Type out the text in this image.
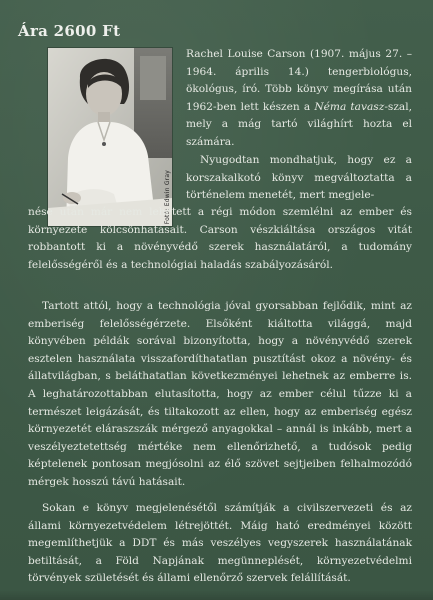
Ára 2600 Ft
Fotó: Edwin Gray

Rachel Louise Carson (1907. május 27. – 1964. április 14.) tengerbiológus, ökológus, író. Több könyv megírása után 1962-ben lett készen a Néma tavasz-szal, mely a mág tartó világhírt hozta el számára.

Nyugodtan mondhatjuk, hogy ez a korszakalkotó könyv megváltoztatta a történelem menetét, mert megjele-

nése után már nem lehetett a régi módon szemlélni az ember és környezete kölcsönhatásait. Carson vészkiáltása országos vitát robbantott ki a növényvédő szerek használatáról, a tudomány felelősségéről és a technológiai haladás szabályozásáról.

Tartott attól, hogy a technológia jóval gyorsabban fejlődik, mint az emberiség felelősségérzete. Elsőként kiáltotta világgá, majd könyvében példák sorával bizonyította, hogy a növényvédő szerek esztelen használata visszafordíthatatlan pusztítást okoz a növény- és állatvilágban, s beláthatatlan következményei lehetnek az emberre is. A leghatározottabban elutasította, hogy az ember célul tűzze ki a természet leigázását, és tiltakozott az ellen, hogy az emberiség egész környezetét eláraszszák mérgező anyagokkal – annál is inkább, mert a veszélyeztetettség mértéke nem ellenőrizhető, a tudósok pedig képtelenek pontosan megjósolni az élő szövet sejtjeiben felhalmozódó mérgek hosszú távú hatásait.

Sokan e könyv megjelenésétől számítják a civilszervezeti és az állami környezetvédelem létrejöttét. Máig ható eredményei között megemlíthetjük a DDT és más veszélyes vegyszerek használatának betiltását, a Föld Napjának megünneplését, környezetvédelmi törvények születését és állami ellenőrző szervek felállítását.
